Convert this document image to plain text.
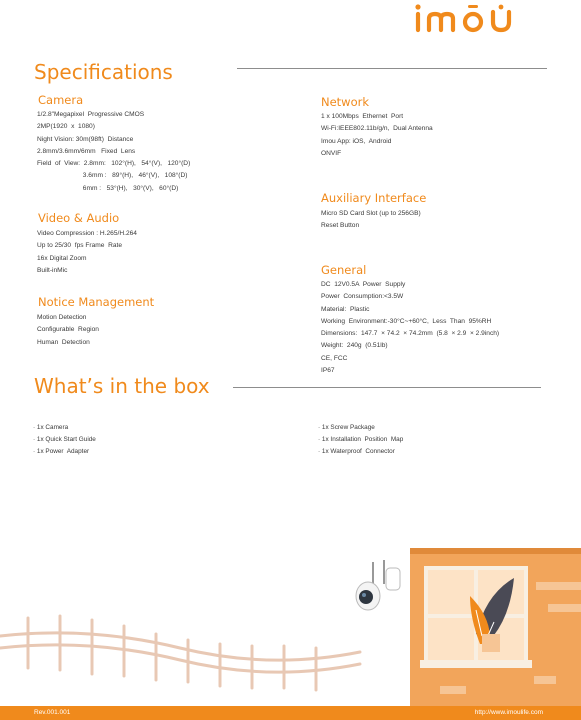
Specifications
Camera
1/2.8"Megapixel  Progressive CMOS
2MP(1920  x  1080)
Night Vision: 30m(98ft)  Distance
2.8mm/3.6mm/6mm   Fixed  Lens
Field  of  View:  2.8mm:   102°(H),   54°(V),   120°(D)
3.6mm :   89°(H),   46°(V),   108°(D)
6mm :   53°(H),   30°(V),   60°(D)
Video & Audio
Video Compression : H.265/H.264
Up to 25/30  fps Frame  Rate
16x Digital Zoom
Built-inMic
Notice Management
Motion Detection
Configurable  Region
Human  Detection
Network
1 x 100Mbps  Ethernet  Port
Wi-Fi:IEEE802.11b/g/n,  Dual Antenna
Imou App: iOS,  Android
ONVIF
Auxiliary Interface
Micro SD Card Slot (up to 256GB)
Reset Button
General
DC  12V0.5A  Power  Supply
Power  Consumption:<3.5W
Material:  Plastic
Working  Environment:-30°C~+60°C,  Less  Than  95%RH
Dimensions:  147.7  × 74.2  × 74.2mm  (5.8  × 2.9  × 2.9inch)
Weight:  240g  (0.51lb)
CE, FCC
IP67
What’s in the box
· 1x Camera
· 1x Quick Start Guide
· 1x Power  Adapter
· 1x Screw Package
· 1x Installation  Position  Map
· 1x Waterproof  Connector
Rev.001.001	http://www.imoulife.com
